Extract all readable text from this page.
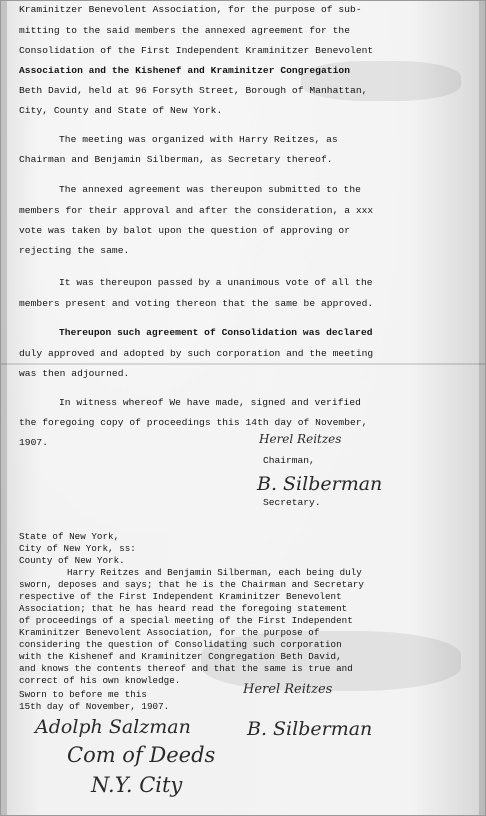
Kraminitzer Benevolent Association, for the purpose of sub-
mitting to the said members the annexed agreement for the
Consolidation of the First Independent Kraminitzer Benevolent
Association and the Kishenef and Kraminitzer Congregation
Beth David, held at 96 Forsyth Street, Borough of Manhattan,
City, County and State of New York.
The meeting was organized with Harry Reitzes, as
Chairman and Benjamin Silberman, as Secretary thereof.
The annexed agreement was thereupon submitted to the
members for their approval and after the consideration, a xxx
vote was taken by balot upon the question of approving or
rejecting the same.
It was thereupon passed by a unanimous vote of all the
members present and voting thereon that the same be approved.
Thereupon such agreement of Consolidation was declared
duly approved and adopted by such corporation and the meeting
was then adjourned.
In witness whereof We have made, signed and verified
the foregoing copy of proceedings this 14th day of November,
1907.	Herel Reitzes
Chairman,
B. Silberman
Secretary.
State of New York,
City of New York, ss:
County of New York.
Harry Reitzes and Benjamin Silberman, each being duly
sworn, deposes and says; that he is the Chairman and Secretary
respective of the First Independent Kraminitzer Benevolent
Association; that he has heard read the foregoing statement
of proceedings of a special meeting of the First Independent
Kraminitzer Benevolent Association, for the purpose of
considering the question of Consolidating such corporation
with the Kishenef and Kraminitzer Congregation Beth David,
and knows the contents thereof and that the same is true and
correct of his own knowledge.
Sworn to before me this
15th day of November, 1907.
Herel Reitzes
Adolph Salzman	B. Silberman
Com of Deeds
N.Y. City
